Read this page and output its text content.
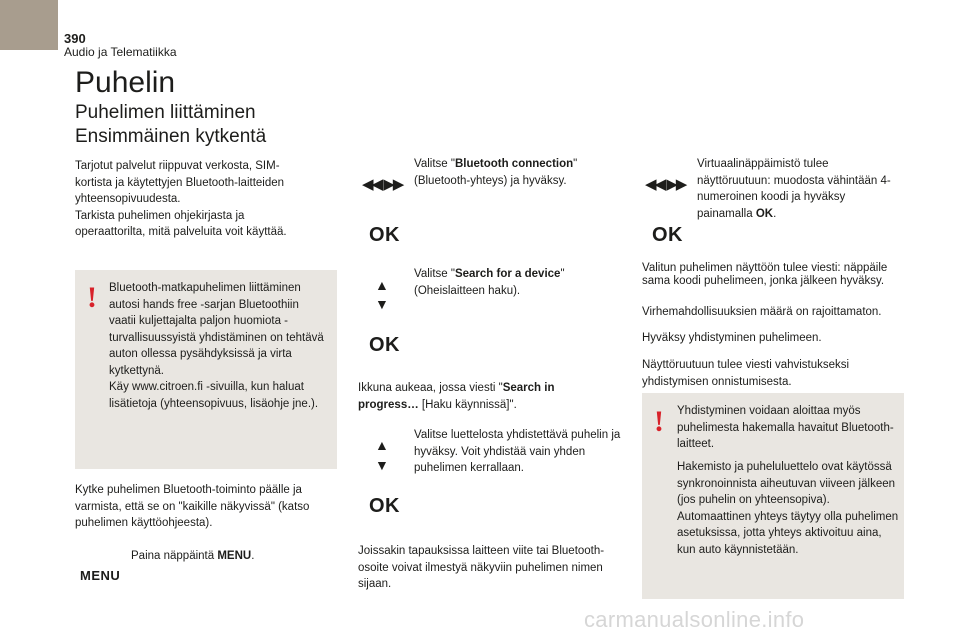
390
Audio ja Telematiikka
Puhelin
Puhelimen liittäminen
Ensimmäinen kytkentä
Tarjotut palvelut riippuvat verkosta, SIM-kortista ja käytettyjen Bluetooth-laitteiden yhteensopivuudesta.
Tarkista puhelimen ohjekirjasta ja operaattorilta, mitä palveluita voit käyttää.
! Bluetooth-matkapuhelimen liittäminen autosi hands free -sarjan Bluetoothiin vaatii kuljettajalta paljon huomiota - turvallisuussyistä yhdistäminen on tehtävä auton ollessa pysähdyksissä ja virta kytkettynä.
Käy www.citroen.fi -sivuilla, kun haluat lisätietoja (yhteensopivuus, lisäohje jne.).
Kytke puhelimen Bluetooth-toiminto päälle ja varmista, että se on "kaikille näkyvissä" (katso puhelimen käyttöohjeesta).
MENU
Paina näppäintä MENU.
◀◀ ▶▶
Valitse "Bluetooth connection" (Bluetooth-yhteys) ja hyväksy.
OK
▲
▼
Valitse "Search for a device" (Oheislaitteen haku).
OK
Ikkuna aukeaa, jossa viesti "Search in progress… [Haku käynnissä]".
▲
▼
Valitse luettelosta yhdistettävä puhelin ja hyväksy. Voit yhdistää vain yhden puhelimen kerrallaan.
OK
Joissakin tapauksissa laitteen viite tai Bluetooth-osoite voivat ilmestyä näkyviin puhelimen nimen sijaan.
◀◀ ▶▶
Virtuaalinäppäimistö tulee näyttöruutuun: muodosta vähintään 4-numeroinen koodi ja hyväksy painamalla OK.
OK
Valitun puhelimen näyttöön tulee viesti: näppäile sama koodi puhelimeen, jonka jälkeen hyväksy.
Virhemahdollisuuksien määrä on rajoittamaton.
Hyväksy yhdistyminen puhelimeen.
Näyttöruutuun tulee viesti vahvistukseksi yhdistymisen onnistumisesta.
! Yhdistyminen voidaan aloittaa myös puhelimesta hakemalla havaitut Bluetooth-laitteet.
Hakemisto ja puheluluettelo ovat käytössä synkronoinnista aiheutuvan viiveen jälkeen (jos puhelin on yhteensopiva).
Automaattinen yhteys täytyy olla puhelimen asetuksissa, jotta yhteys aktivoituu aina, kun auto käynnistetään.
carmanualsonline.info
